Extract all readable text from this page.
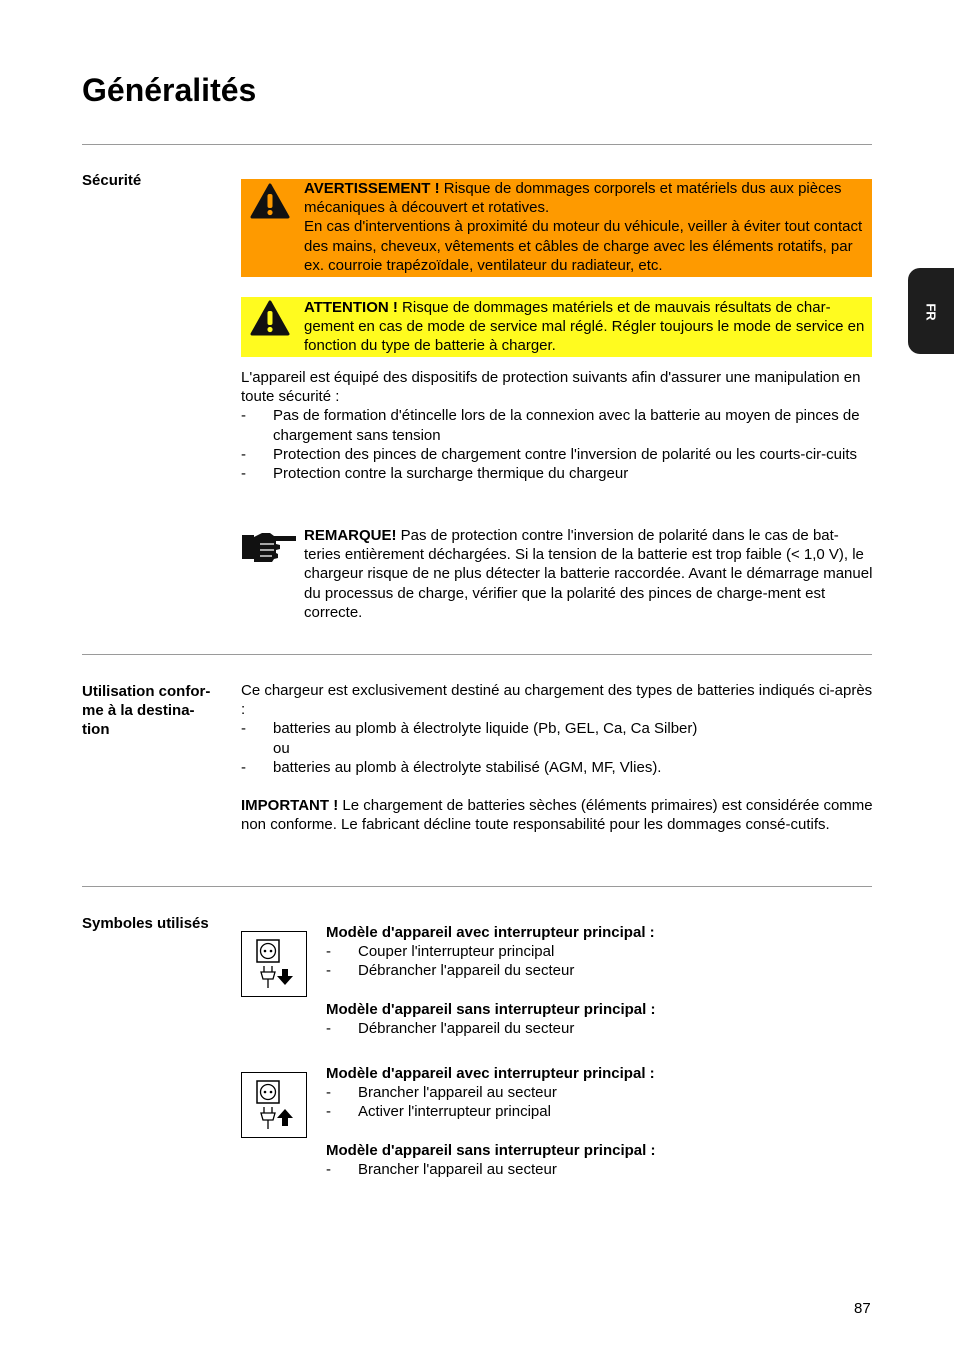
Généralités
FR
Sécurité	AVERTISSEMENT ! Risque de dommages corporels et matériels dus aux pièces mécaniques à découvert et rotatives.
En cas d'interventions à proximité du moteur du véhicule, veiller à éviter tout contact des mains, cheveux, vêtements et câbles de charge avec les éléments rotatifs, par ex. courroie trapézoïdale, ventilateur du radiateur, etc.
ATTENTION ! Risque de dommages matériels et de mauvais résultats de char-gement en cas de mode de service mal réglé. Régler toujours le mode de service en fonction du type de batterie à charger.
L'appareil est équipé des dispositifs de protection suivants afin d'assurer une manipulation en toute sécurité :
- Pas de formation d'étincelle lors de la connexion avec la batterie au moyen de pinces de chargement sans tension
- Protection des pinces de chargement contre l'inversion de polarité ou les courts-cir-cuits
- Protection contre la surcharge thermique du chargeur
REMARQUE! Pas de protection contre l'inversion de polarité dans le cas de bat-teries entièrement déchargées. Si la tension de la batterie est trop faible (< 1,0 V), le chargeur risque de ne plus détecter la batterie raccordée. Avant le démarrage manuel du processus de charge, vérifier que la polarité des pinces de charge-ment est correcte.
Utilisation confor-me à la destina-tion
Ce chargeur est exclusivement destiné au chargement des types de batteries indiqués ci-après :
- batteries au plomb à électrolyte liquide (Pb, GEL, Ca, Ca Silber)
ou
- batteries au plomb à électrolyte stabilisé (AGM, MF, Vlies).
IMPORTANT ! Le chargement de batteries sèches (éléments primaires) est considérée comme non conforme. Le fabricant décline toute responsabilité pour les dommages consé-cutifs.
Symboles utilisés
Modèle d'appareil avec interrupteur principal :
- Couper l'interrupteur principal
- Débrancher l'appareil du secteur
Modèle d'appareil sans interrupteur principal :
- Débrancher l'appareil du secteur
Modèle d'appareil avec interrupteur principal :
- Brancher l'appareil au secteur
- Activer l'interrupteur principal
Modèle d'appareil sans interrupteur principal :
- Brancher l'appareil au secteur
87
